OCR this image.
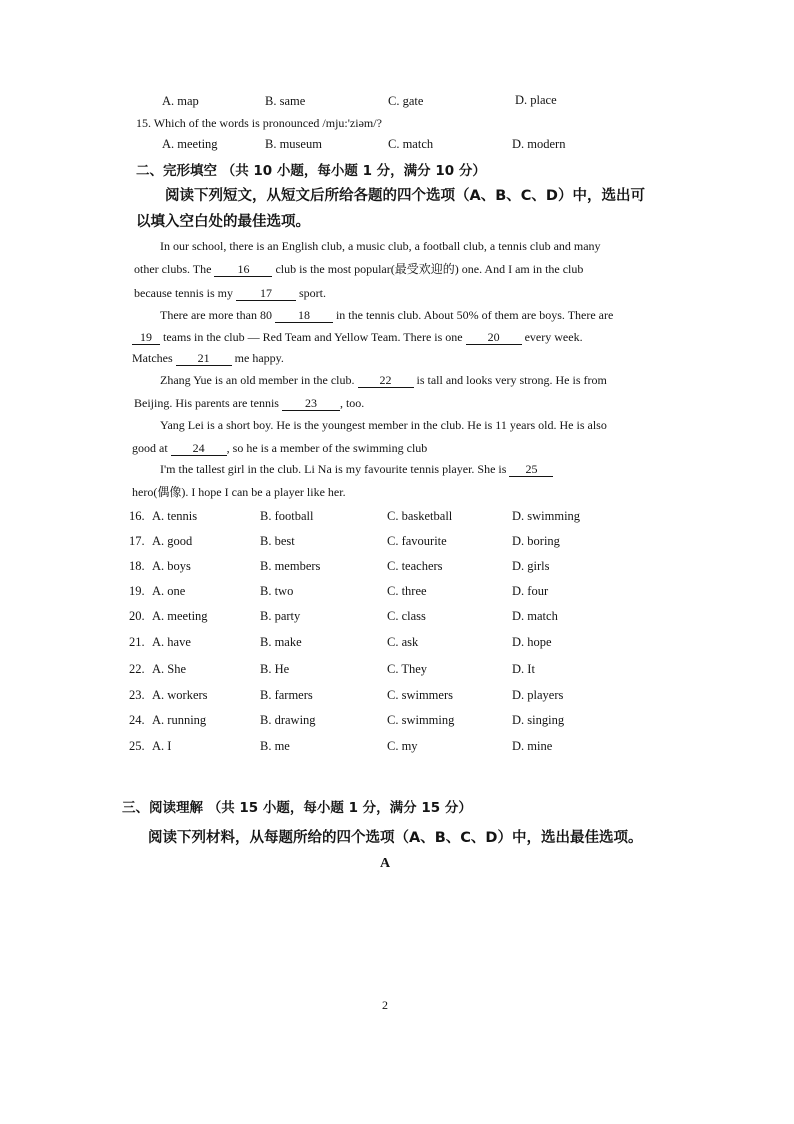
A. map	B. same	C. gate	D. place
15. Which of the words is pronounced /mju:'ziəm/?
A. meeting	B. museum	C. match	D. modern
二、完形填空 （共 10 小题，每小题 1 分，满分 10 分）
阅读下列短文，从短文后所给各题的四个选项（A、B、C、D）中，选出可
以填入空白处的最佳选项。
In our school, there is an English club, a music club, a football club, a tennis club and many
other clubs. The 16 club is the most popular(最受欢迎的) one. And I am in the club
because tennis is my 17 sport.
There are more than 80 18 in the tennis club. About 50% of them are boys. There are
19 teams in the club — Red Team and Yellow Team. There is one 20 every week.
Matches 21 me happy.
Zhang Yue is an old member in the club. 22 is tall and looks very strong. He is from
Beijing. His parents are tennis 23 , too.
Yang Lei is a short boy. He is the youngest member in the club. He is 11 years old. He is also
good at 24 , so he is a member of the swimming club
I'm the tallest girl in the club. Li Na is my favourite tennis player. She is 25
hero(偶像). I hope I can be a player like her.
16. A. tennis	B. football	C. basketball	D. swimming
17. A. good	B. best	C. favourite	D. boring
18. A. boys	B. members	C. teachers	D. girls
19. A. one	B. two	C. three	D. four
20. A. meeting	B. party	C. class	D. match
21. A. have	B. make	C. ask	D. hope
22. A. She	B. He	C. They	D. It
23. A. workers	B. farmers	C. swimmers	D. players
24. A. running	B. drawing	C. swimming	D. singing
25. A. I	B. me	C. my	D. mine
三、阅读理解 （共 15 小题，每小题 1 分，满分 15 分）
阅读下列材料，从每题所给的四个选项（A、B、C、D）中，选出最佳选项。
A
2
